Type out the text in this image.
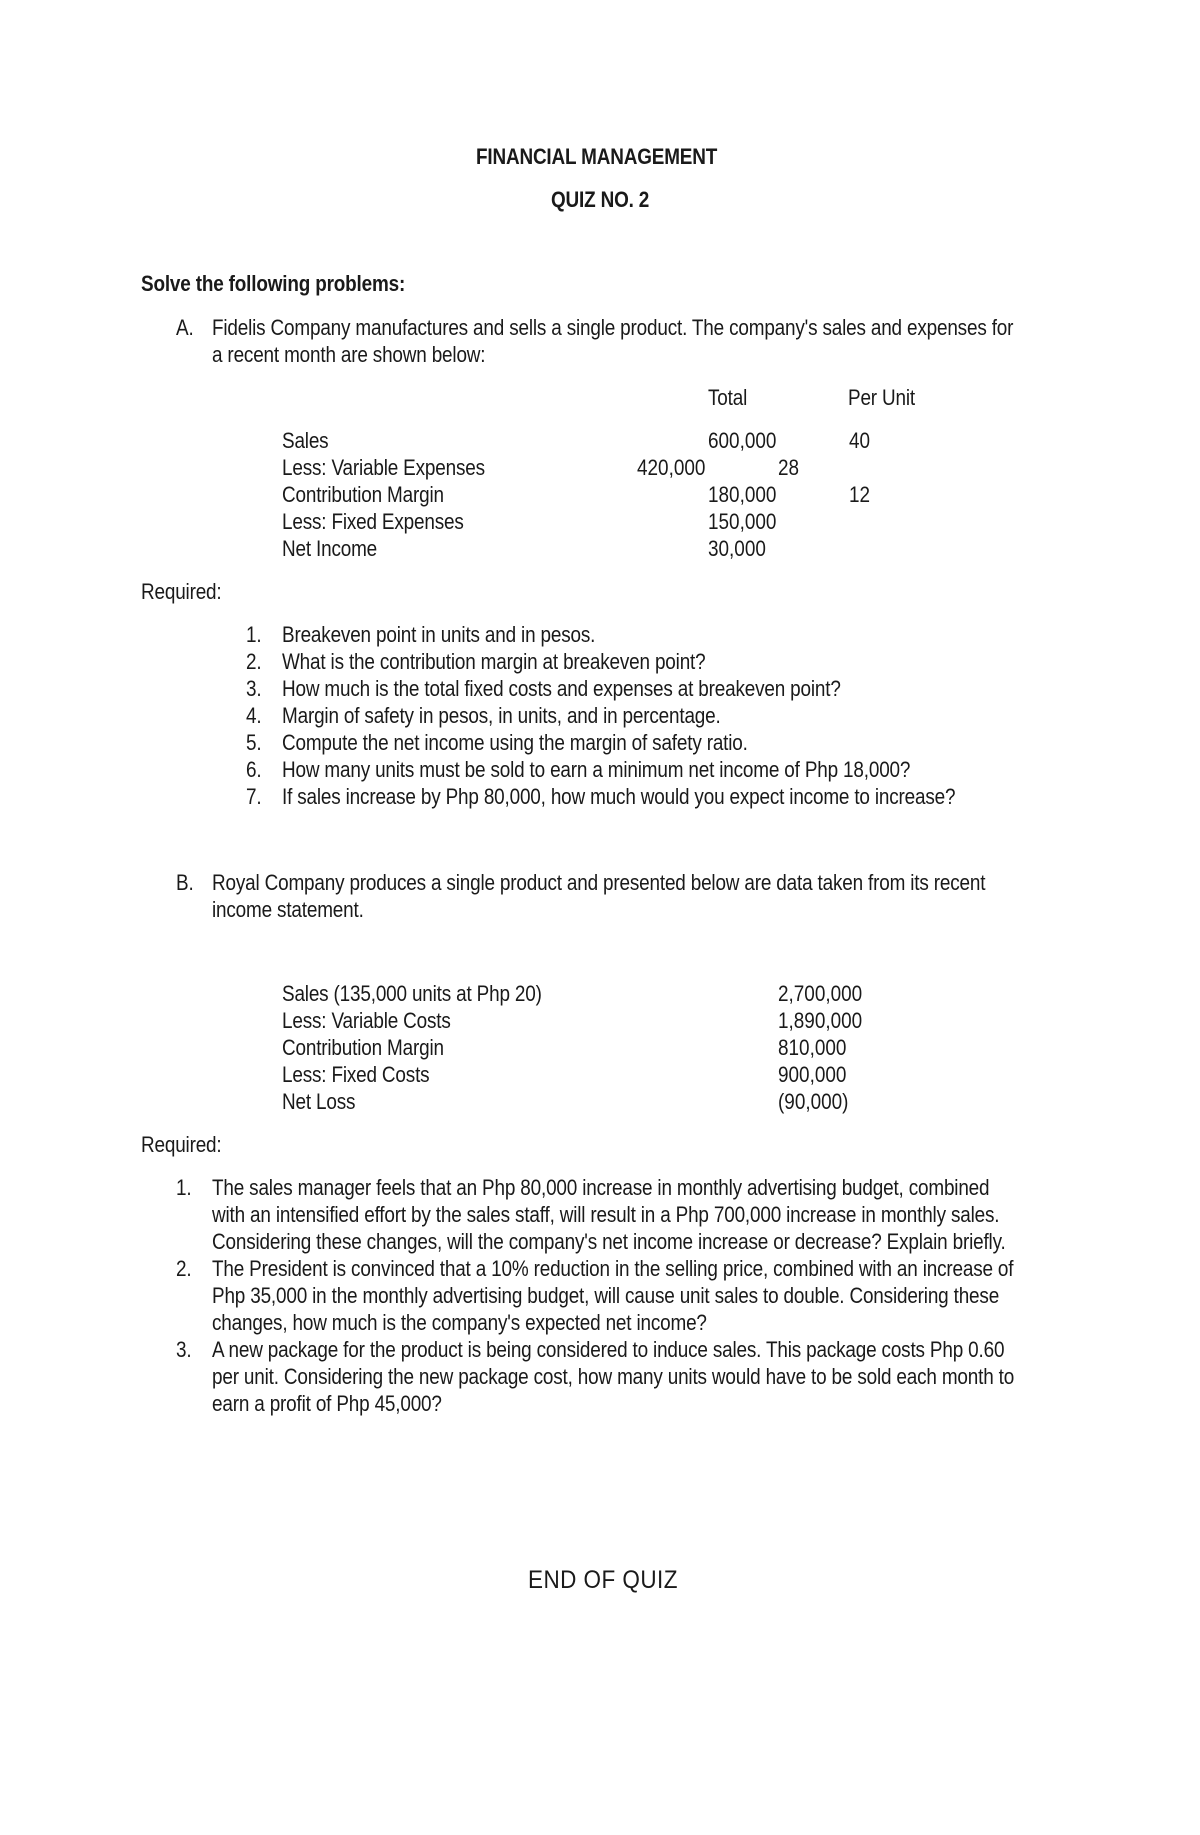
FINANCIAL MANAGEMENT
QUIZ NO. 2
Solve the following problems:
A. Fidelis Company manufactures and sells a single product. The company's sales and expenses for
a recent month are shown below:
Total	Per Unit
Sales	600,000	40
Less: Variable Expenses	420,000	28
Contribution Margin	180,000	12
Less: Fixed Expenses	150,000
Net Income	30,000
Required:
1. Breakeven point in units and in pesos.
2. What is the contribution margin at breakeven point?
3. How much is the total fixed costs and expenses at breakeven point?
4. Margin of safety in pesos, in units, and in percentage.
5. Compute the net income using the margin of safety ratio.
6. How many units must be sold to earn a minimum net income of Php 18,000?
7. If sales increase by Php 80,000, how much would you expect income to increase?
B. Royal Company produces a single product and presented below are data taken from its recent
income statement.
Sales (135,000 units at Php 20)	2,700,000
Less: Variable Costs	1,890,000
Contribution Margin	810,000
Less: Fixed Costs	900,000
Net Loss	(90,000)
Required:
1. The sales manager feels that an Php 80,000 increase in monthly advertising budget, combined
with an intensified effort by the sales staff, will result in a Php 700,000 increase in monthly sales.
Considering these changes, will the company's net income increase or decrease? Explain briefly.
2. The President is convinced that a 10% reduction in the selling price, combined with an increase of
Php 35,000 in the monthly advertising budget, will cause unit sales to double. Considering these
changes, how much is the company's expected net income?
3. A new package for the product is being considered to induce sales. This package costs Php 0.60
per unit. Considering the new package cost, how many units would have to be sold each month to
earn a profit of Php 45,000?
END OF QUIZ
